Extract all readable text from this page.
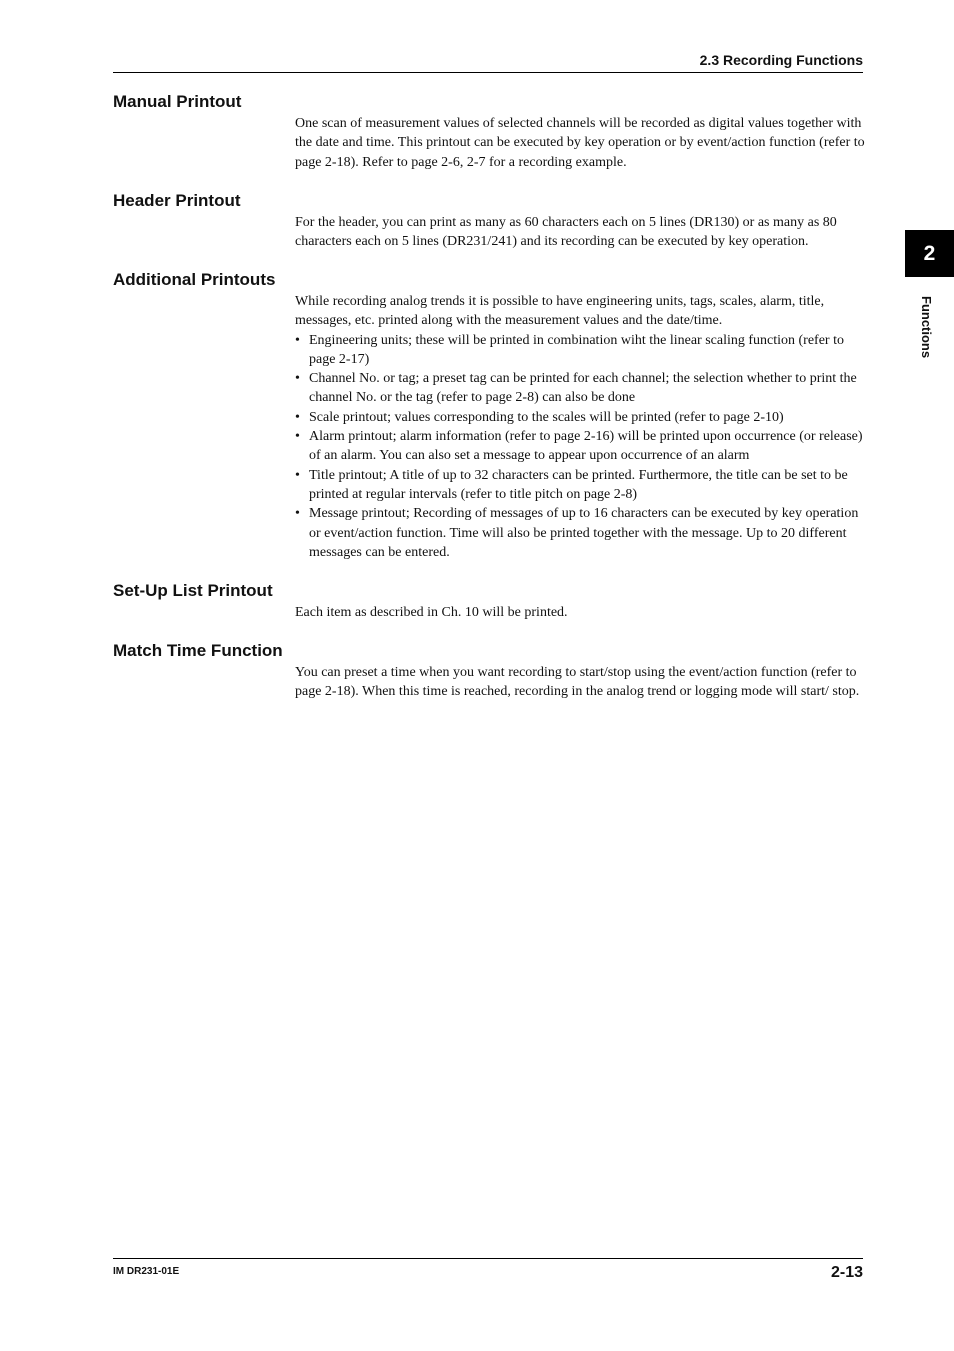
2.3 Recording Functions
2
Functions
Manual Printout

One scan of measurement values of selected channels will be recorded as digital values together with the date and time. This printout can be executed by key operation or by event/action function (refer to page 2-18). Refer to page 2-6, 2-7 for a recording example.

Header Printout

For the header, you can print as many as 60 characters each on 5 lines (DR130) or as many as 80 characters each on 5 lines (DR231/241) and its recording can be executed by key operation.

Additional Printouts

While recording analog trends it is possible to have engineering units, tags, scales, alarm, title, messages, etc. printed along with the measurement values and the date/time.

• Engineering units; these will be printed in combination wiht the linear scaling function (refer to page 2-17)
• Channel No. or tag; a preset tag can be printed for each channel; the selection whether to print the channel No. or the tag (refer to page 2-8) can also be done
• Scale printout; values corresponding to the scales will be printed (refer to page 2-10)
• Alarm printout; alarm information (refer to page 2-16) will be printed upon occurrence (or release) of an alarm. You can also set a message to appear upon occurrence of an alarm
• Title printout; A title of up to 32 characters can be printed. Furthermore, the title can be set to be printed at regular intervals (refer to title pitch on page 2-8)
• Message printout; Recording of messages of up to 16 characters can be executed by key operation or event/action function. Time will also be printed together with the message. Up to 20 different messages can be entered.
Set-Up List Printout

Each item as described in Ch. 10 will be printed.

Match Time Function

You can preset a time when you want recording to start/stop using the event/action function (refer to page 2-18). When this time is reached, recording in the analog trend or logging mode will start/ stop.

IM DR231-01E	2-13
